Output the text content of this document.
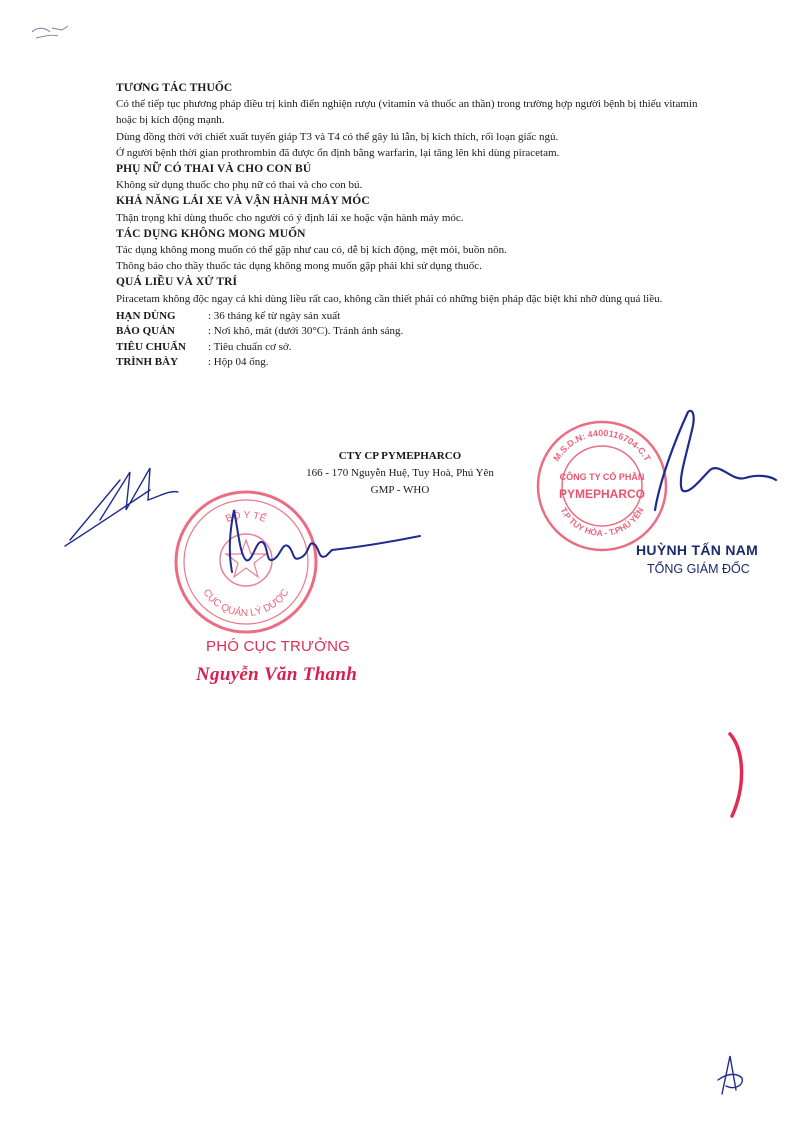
TƯƠNG TÁC THUỐC

Có thể tiếp tục phương pháp điều trị kinh điển nghiện rượu (vitamin và thuốc an thần) trong trường hợp người bệnh bị thiếu vitamin hoặc bị kích động mạnh.

Dùng đồng thời với chiết xuất tuyến giáp T3 và T4 có thể gây lú lẫn, bị kích thích, rối loạn giấc ngủ.

Ở người bệnh thời gian prothrombin đã được ổn định bằng warfarin, lại tăng lên khi dùng piracetam.

PHỤ NỮ CÓ THAI VÀ CHO CON BÚ

Không sử dụng thuốc cho phụ nữ có thai và cho con bú.

KHẢ NĂNG LÁI XE VÀ VẬN HÀNH MÁY MÓC

Thận trọng khi dùng thuốc cho người có ý định lái xe hoặc vận hành máy móc.

TÁC DỤNG KHÔNG MONG MUỐN

Tác dụng không mong muốn có thể gặp như cau có, dễ bị kích động, mệt mỏi, buồn nôn.

Thông báo cho thầy thuốc tác dụng không mong muốn gặp phải khi sử dụng thuốc.

QUÁ LIỀU VÀ XỬ TRÍ

Piracetam không độc ngay cả khi dùng liều rất cao, không cần thiết phải có những biện pháp đặc biệt khi nhỡ dùng quá liều.

HẠN DÙNG	: 36 tháng kể từ ngày sản xuất
BẢO QUẢN	: Nơi khô, mát (dưới 30°C). Tránh ánh sáng.
TIÊU CHUẨN	: Tiêu chuẩn cơ sở.
TRÌNH BÀY	: Hộp 04 ống.
CTY CP PYMEPHARCO
166 - 170 Nguyễn Huệ, Tuy Hoà, Phú Yên
GMP - WHO
M.S.D.N: 4400116704-C.T
T.P TUY HÒA - T.PHÚ YÊN
CÔNG TY CỔ PHẦN
PYMEPHARCO
HUỲNH TẤN NAM
TỔNG GIÁM ĐỐC
BỘ Y TẾ
CỤC QUẢN LÝ DƯỢC
PHÓ CỤC TRƯỞNG
Nguyễn Văn Thanh
